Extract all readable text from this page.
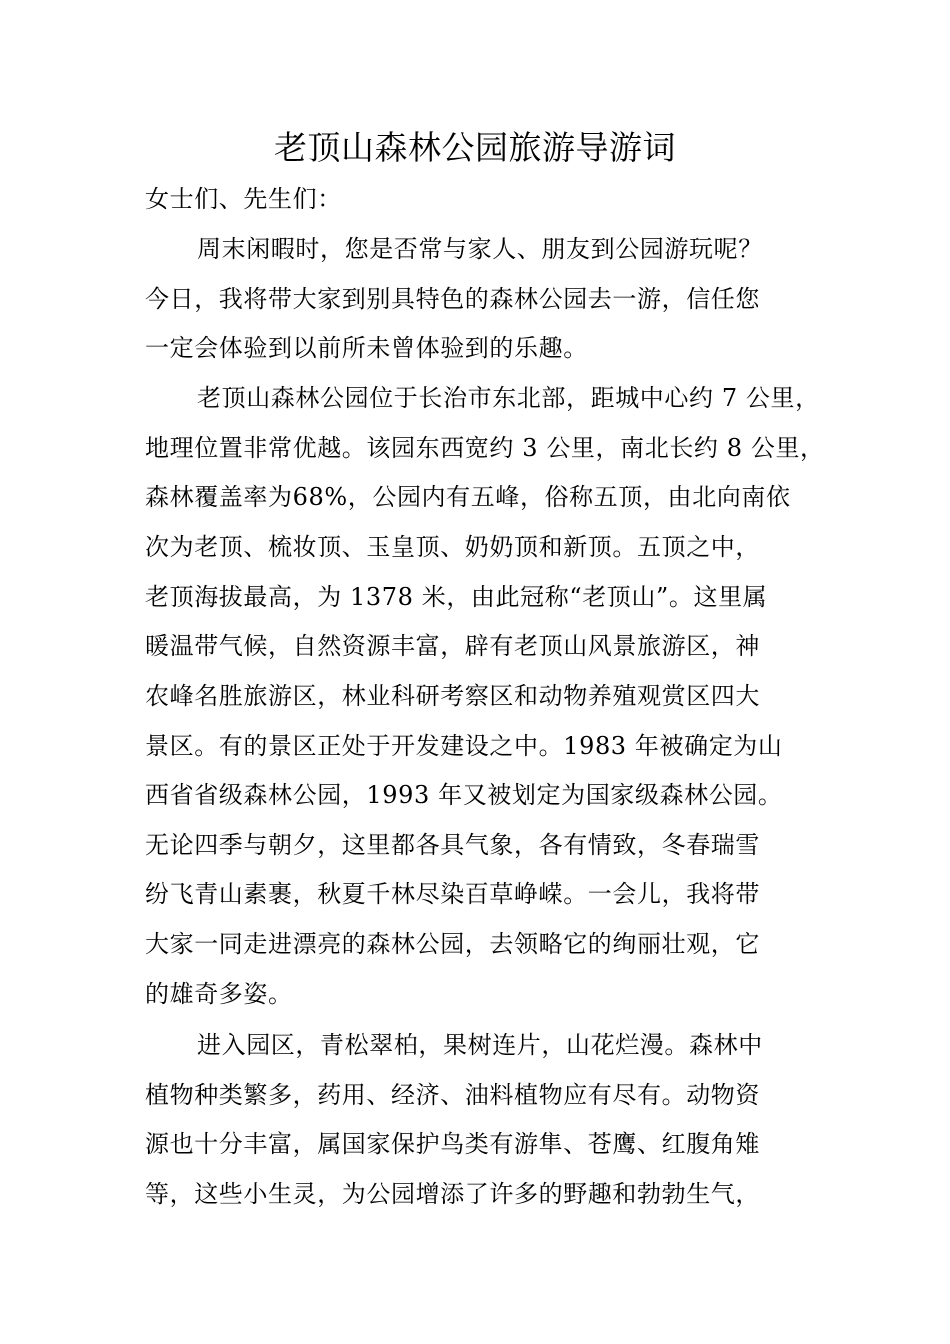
老顶山森林公园旅游导游词
女士们、先生们：
周末闲暇时，您是否常与家人、朋友到公园游玩呢？
今日，我将带大家到别具特色的森林公园去一游，信任您
一定会体验到以前所未曾体验到的乐趣。
老顶山森林公园位于长治市东北部，距城中心约 7 公里，
地理位置非常优越。该园东西宽约 3 公里，南北长约 8 公里，
森林覆盖率为68%，公园内有五峰，俗称五顶，由北向南依
次为老顶、梳妆顶、玉皇顶、奶奶顶和新顶。五顶之中，
老顶海拔最高，为 1378 米，由此冠称“老顶山”。这里属
暖温带气候，自然资源丰富，辟有老顶山风景旅游区，神
农峰名胜旅游区，林业科研考察区和动物养殖观赏区四大
景区。有的景区正处于开发建设之中。1983 年被确定为山
西省省级森林公园，1993 年又被划定为国家级森林公园。
无论四季与朝夕，这里都各具气象，各有情致，冬春瑞雪
纷飞青山素裹，秋夏千林尽染百草峥嵘。一会儿，我将带
大家一同走进漂亮的森林公园，去领略它的绚丽壮观，它
的雄奇多姿。
进入园区，青松翠柏，果树连片，山花烂漫。森林中
植物种类繁多，药用、经济、油料植物应有尽有。动物资
源也十分丰富，属国家保护鸟类有游隼、苍鹰、红腹角雉
等，这些小生灵，为公园增添了许多的野趣和勃勃生气，
